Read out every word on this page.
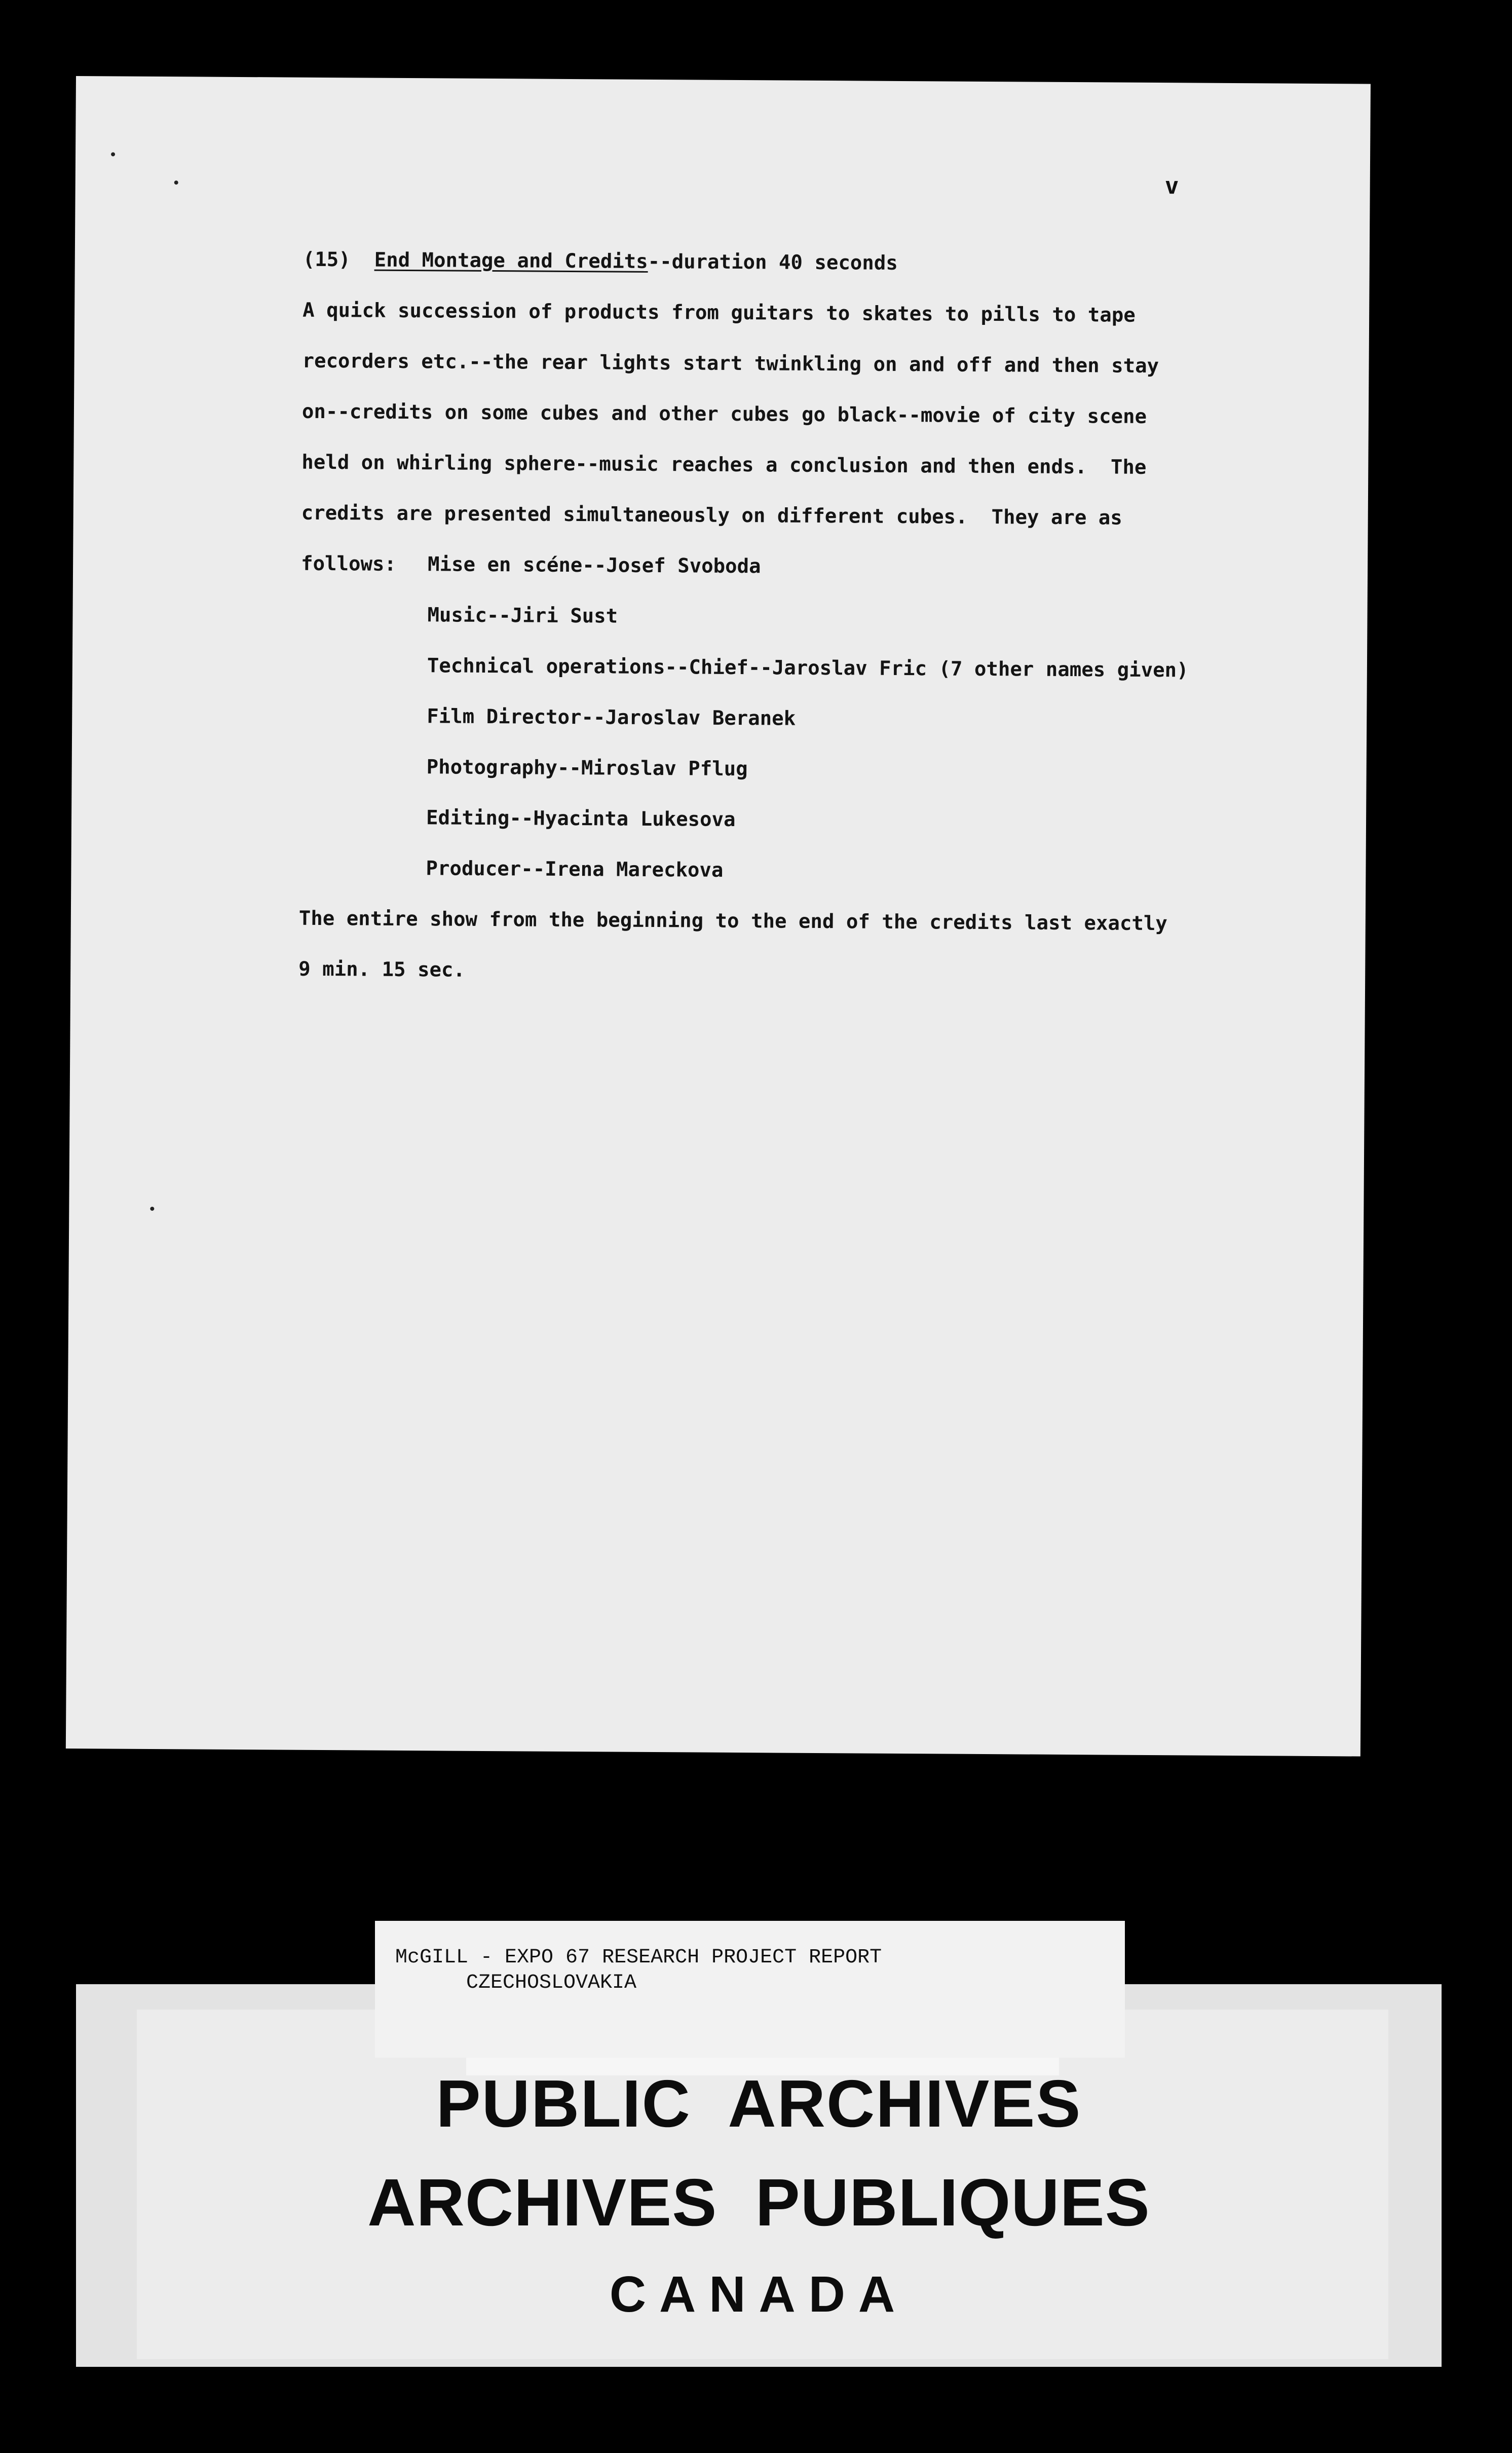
v
(15) End Montage and Credits--duration 40 seconds
A quick succession of products from guitars to skates to pills to tape
recorders etc.--the rear lights start twinkling on and off and then stay
on--credits on some cubes and other cubes go black--movie of city scene
held on whirling sphere--music reaches a conclusion and then ends.  The
credits are presented simultaneously on different cubes.  They are as
follows: Mise en scéne--Josef Svoboda
Music--Jiri Sust
Technical operations--Chief--Jaroslav Fric (7 other names given)
Film Director--Jaroslav Beranek
Photography--Miroslav Pflug
Editing--Hyacinta Lukesova
Producer--Irena Mareckova
The entire show from the beginning to the end of the credits last exactly
9 min. 15 sec.
PUBLIC  ARCHIVES
ARCHIVES  PUBLIQUES
CANADA
McGILL - EXPO 67 RESEARCH PROJECT REPORT
CZECHOSLOVAKIA
